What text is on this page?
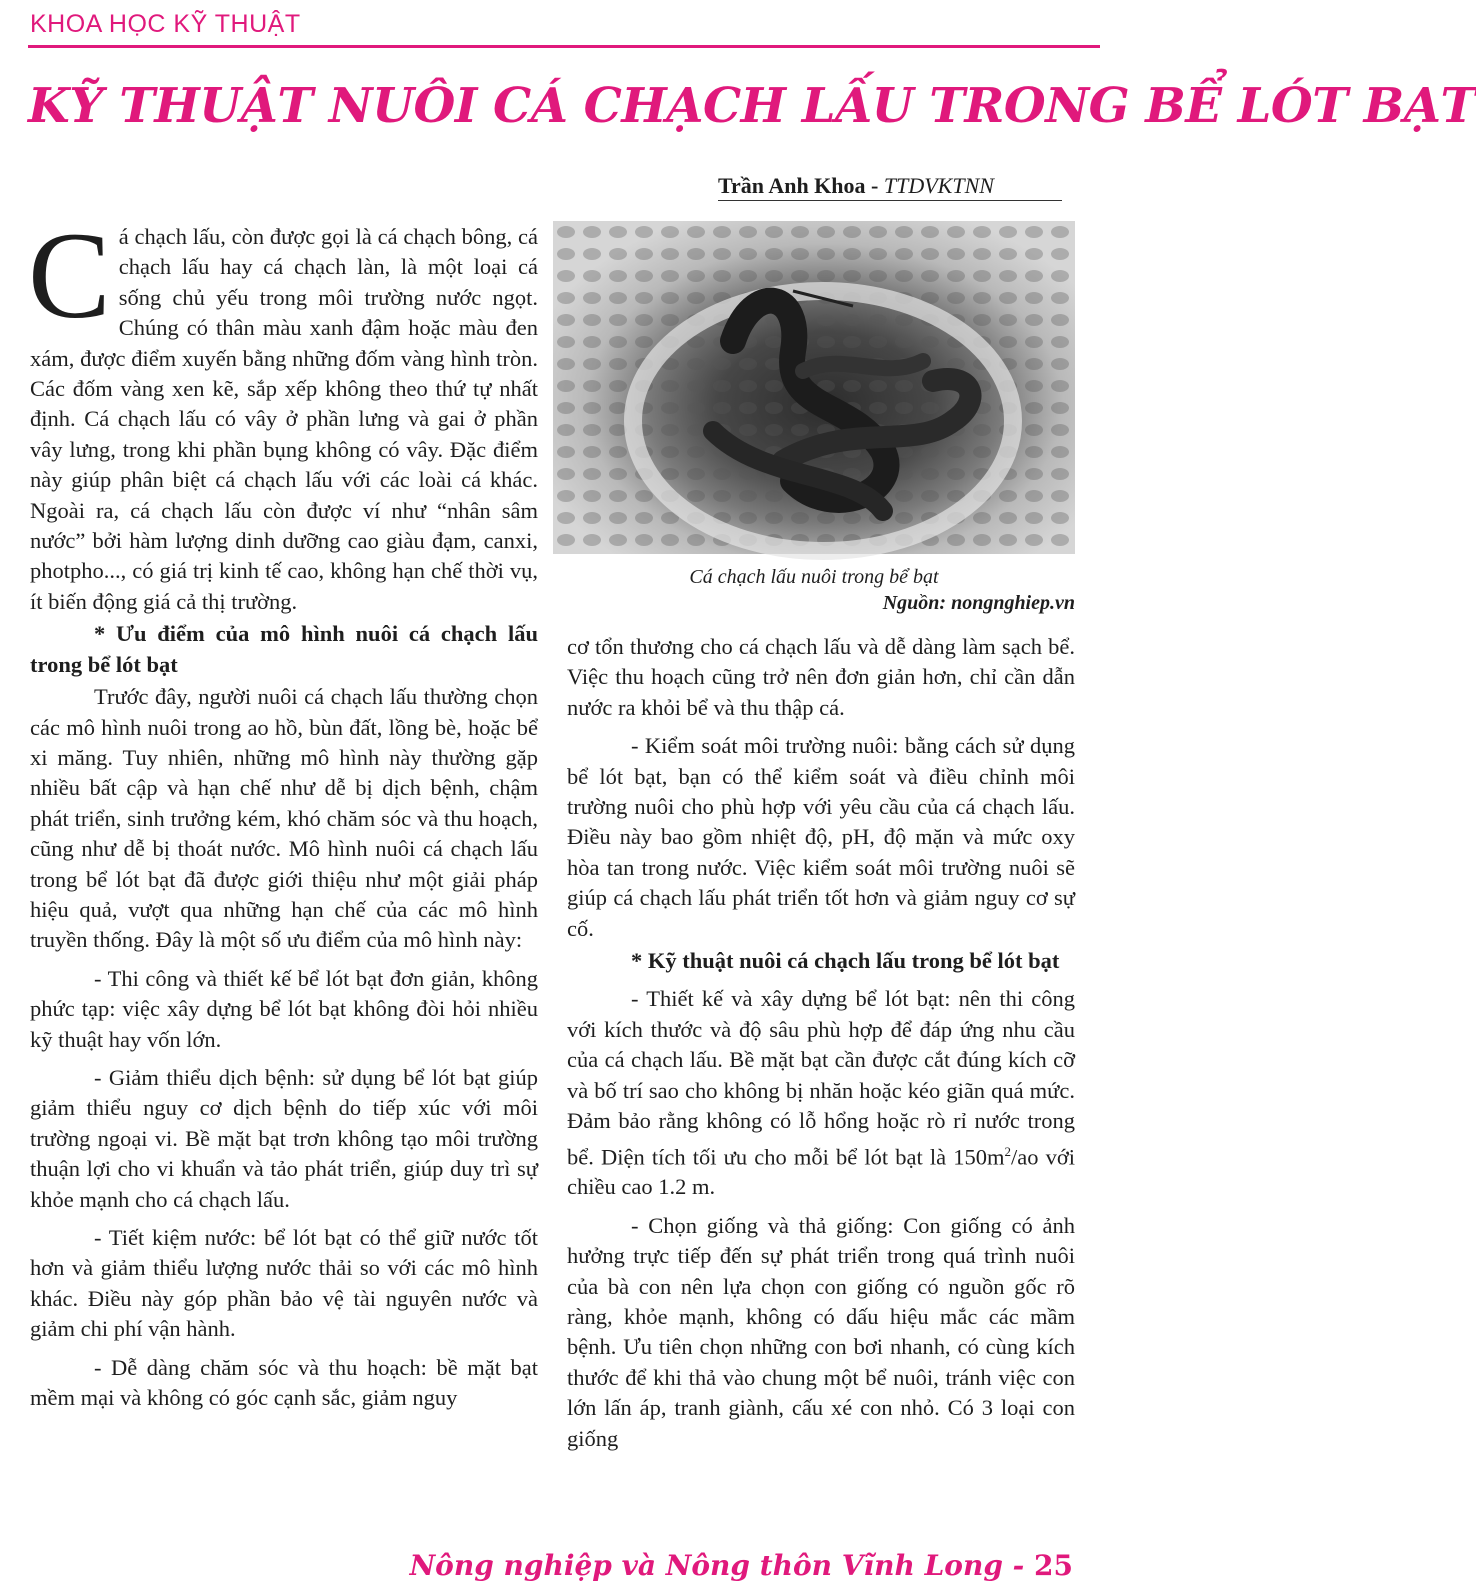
KHOA HỌC KỸ THUẬT
KỸ THUẬT NUÔI CÁ CHẠCH LẤU TRONG BỂ LÓT BẠT
Trần Anh Khoa - TTDVKTNN
Cá chạch lấu nuôi trong bể bạt
Nguồn: nongnghiep.vn

Cá chạch lấu, còn được gọi là cá chạch bông, cá chạch lấu hay cá chạch làn, là một loại cá sống chủ yếu trong môi trường nước ngọt. Chúng có thân màu xanh đậm hoặc màu đen xám, được điểm xuyến bằng những đốm vàng hình tròn. Các đốm vàng xen kẽ, sắp xếp không theo thứ tự nhất định. Cá chạch lấu có vây ở phần lưng và gai ở phần vây lưng, trong khi phần bụng không có vây. Đặc điểm này giúp phân biệt cá chạch lấu với các loài cá khác. Ngoài ra, cá chạch lấu còn được ví như “nhân sâm nước” bởi hàm lượng dinh dưỡng cao giàu đạm, canxi, photpho..., có giá trị kinh tế cao, không hạn chế thời vụ, ít biến động giá cả thị trường.

* Ưu điểm của mô hình nuôi cá chạch lấu trong bể lót bạt

Trước đây, người nuôi cá chạch lấu thường chọn các mô hình nuôi trong ao hồ, bùn đất, lồng bè, hoặc bể xi măng. Tuy nhiên, những mô hình này thường gặp nhiều bất cập và hạn chế như dễ bị dịch bệnh, chậm phát triển, sinh trưởng kém, khó chăm sóc và thu hoạch, cũng như dễ bị thoát nước. Mô hình nuôi cá chạch lấu trong bể lót bạt đã được giới thiệu như một giải pháp hiệu quả, vượt qua những hạn chế của các mô hình truyền thống. Đây là một số ưu điểm của mô hình này:

- Thi công và thiết kế bể lót bạt đơn giản, không phức tạp: việc xây dựng bể lót bạt không đòi hỏi nhiều kỹ thuật hay vốn lớn.

- Giảm thiểu dịch bệnh: sử dụng bể lót bạt giúp giảm thiểu nguy cơ dịch bệnh do tiếp xúc với môi trường ngoại vi. Bề mặt bạt trơn không tạo môi trường thuận lợi cho vi khuẩn và tảo phát triển, giúp duy trì sự khỏe mạnh cho cá chạch lấu.

- Tiết kiệm nước: bể lót bạt có thể giữ nước tốt hơn và giảm thiểu lượng nước thải so với các mô hình khác. Điều này góp phần bảo vệ tài nguyên nước và giảm chi phí vận hành.

- Dễ dàng chăm sóc và thu hoạch: bề mặt bạt mềm mại và không có góc cạnh sắc, giảm nguy

cơ tổn thương cho cá chạch lấu và dễ dàng làm sạch bể. Việc thu hoạch cũng trở nên đơn giản hơn, chỉ cần dẫn nước ra khỏi bể và thu thập cá.

- Kiểm soát môi trường nuôi: bằng cách sử dụng bể lót bạt, bạn có thể kiểm soát và điều chỉnh môi trường nuôi cho phù hợp với yêu cầu của cá chạch lấu. Điều này bao gồm nhiệt độ, pH, độ mặn và mức oxy hòa tan trong nước. Việc kiểm soát môi trường nuôi sẽ giúp cá chạch lấu phát triển tốt hơn và giảm nguy cơ sự cố.

* Kỹ thuật nuôi cá chạch lấu trong bể lót bạt

- Thiết kế và xây dựng bể lót bạt: nên thi công với kích thước và độ sâu phù hợp để đáp ứng nhu cầu của cá chạch lấu. Bề mặt bạt cần được cắt đúng kích cỡ và bố trí sao cho không bị nhăn hoặc kéo giãn quá mức. Đảm bảo rằng không có lỗ hổng hoặc rò rỉ nước trong bể. Diện tích tối ưu cho mỗi bể lót bạt là $150m^2/ao$ với chiều cao 1.2 m.

- Chọn giống và thả giống: Con giống có ảnh hưởng trực tiếp đến sự phát triển trong quá trình nuôi của bà con nên lựa chọn con giống có nguồn gốc rõ ràng, khỏe mạnh, không có dấu hiệu mắc các mầm bệnh. Ưu tiên chọn những con bơi nhanh, có cùng kích thước để khi thả vào chung một bể nuôi, tránh việc con lớn lấn áp, tranh giành, cấu xé con nhỏ. Có 3 loại con giống

Nông nghiệp và Nông thôn Vĩnh Long - 25
